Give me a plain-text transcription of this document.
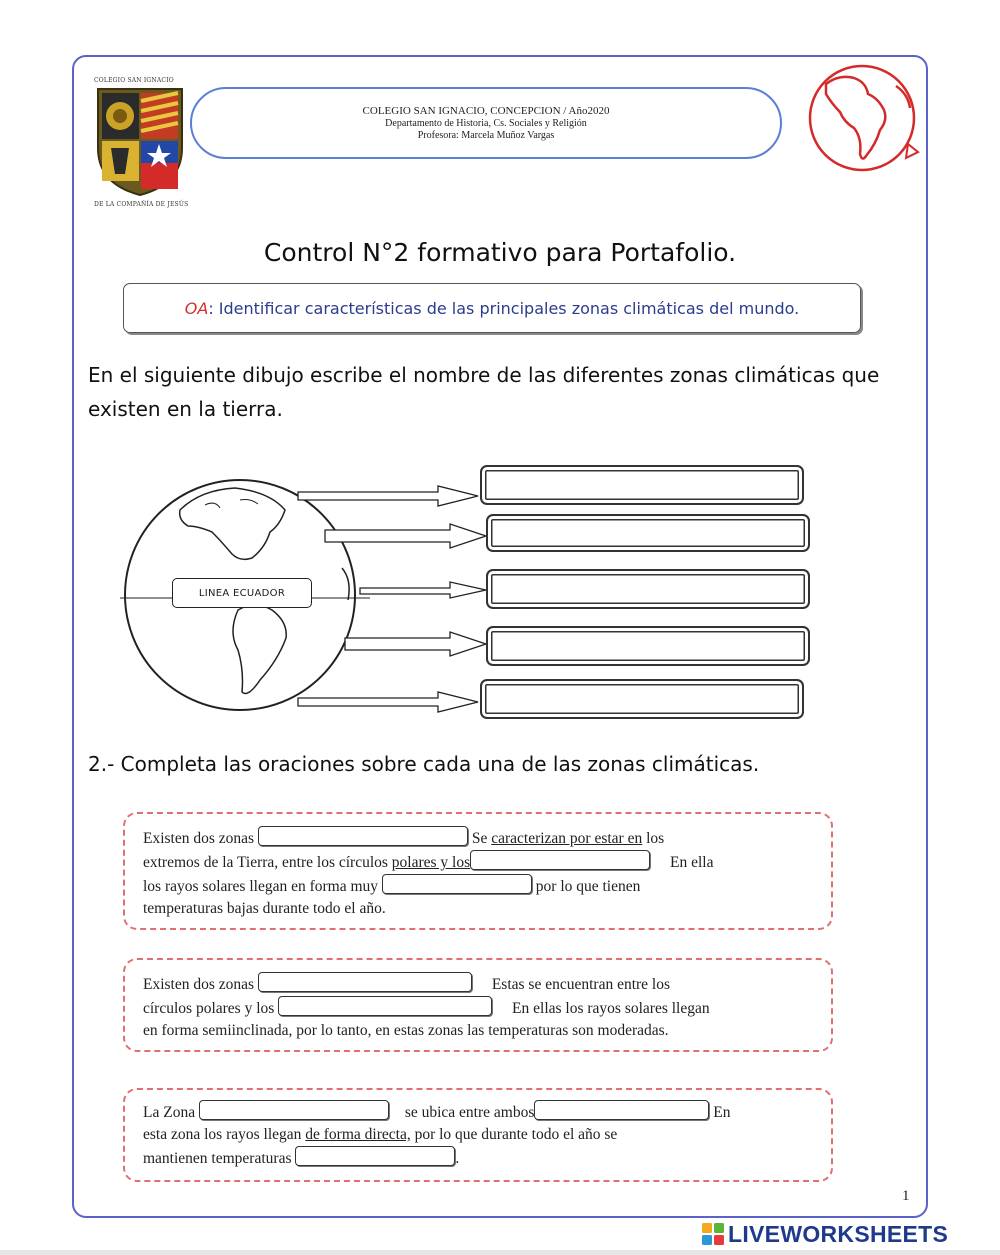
COLEGIO SAN IGNACIO
DE LA COMPAÑÍA DE JESÚS
COLEGIO SAN IGNACIO, CONCEPCION / Año2020
Departamento de Historia, Cs. Sociales y Religión
Profesora: Marcela Muñoz Vargas
Control N°2 formativo para Portafolio.
OA : Identificar características de las principales zonas climáticas del mundo.
En el siguiente dibujo escribe el nombre de las diferentes zonas climáticas que existen en la tierra.
LINEA ECUADOR
2.- Completa las oraciones sobre cada una de las zonas climáticas.
Existen dos zonas	Se caracterizan por estar en los
extremos de la Tierra, entre los círculos polares y los	En ella
los rayos solares llegan en forma muy	por lo que tienen
temperaturas bajas durante todo el año.
Existen dos zonas	Estas se encuentran entre los
círculos polares y los	En ellas los rayos solares llegan
en forma semiinclinada, por lo tanto, en estas zonas las temperaturas son moderadas.
La Zona	se ubica entre ambos	En
esta zona los rayos llegan de forma directa, por lo que durante todo el año se
mantienen temperaturas	.
1
LIVEWORKSHEETS
